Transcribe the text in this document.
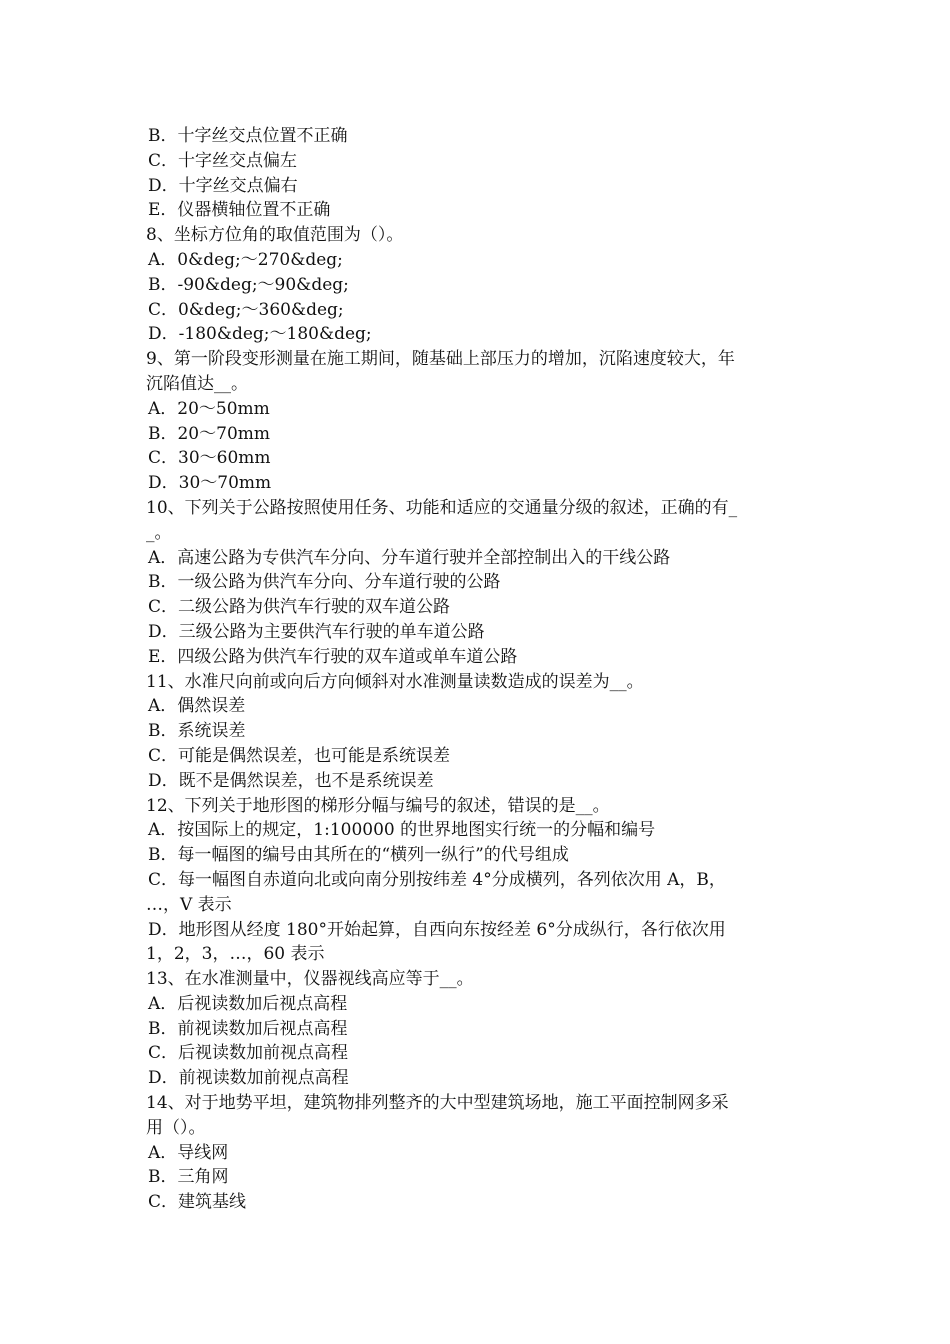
B．十字丝交点位置不正确
C．十字丝交点偏左
D．十字丝交点偏右
E．仪器横轴位置不正确
8、坐标方位角的取值范围为（）。
A．0&deg;～270&deg;
B．-90&deg;～90&deg;
C．0&deg;～360&deg;
D．-180&deg;～180&deg;
9、第一阶段变形测量在施工期间，随基础上部压力的增加，沉陷速度较大，年
沉陷值达__。
A．20～50mm
B．20～70mm
C．30～60mm
D．30～70mm
10、下列关于公路按照使用任务、功能和适应的交通量分级的叙述，正确的有_
_。
A．高速公路为专供汽车分向、分车道行驶并全部控制出入的干线公路
B．一级公路为供汽车分向、分车道行驶的公路
C．二级公路为供汽车行驶的双车道公路
D．三级公路为主要供汽车行驶的单车道公路
E．四级公路为供汽车行驶的双车道或单车道公路
11、水准尺向前或向后方向倾斜对水准测量读数造成的误差为__。
A．偶然误差
B．系统误差
C．可能是偶然误差，也可能是系统误差
D．既不是偶然误差，也不是系统误差
12、下列关于地形图的梯形分幅与编号的叙述，错误的是__。
A．按国际上的规定，1:100000 的世界地图实行统一的分幅和编号
B．每一幅图的编号由其所在的“横列一纵行”的代号组成
C．每一幅图自赤道向北或向南分别按纬差 4°分成横列，各列依次用 A，B，
…，V 表示
D．地形图从经度 180°开始起算，自西向东按经差 6°分成纵行，各行依次用
1，2，3，…，60 表示
13、在水准测量中，仪器视线高应等于__。
A．后视读数加后视点高程
B．前视读数加后视点高程
C．后视读数加前视点高程
D．前视读数加前视点高程
14、对于地势平坦，建筑物排列整齐的大中型建筑场地，施工平面控制网多采
用（）。
A．导线网
B．三角网
C．建筑基线
